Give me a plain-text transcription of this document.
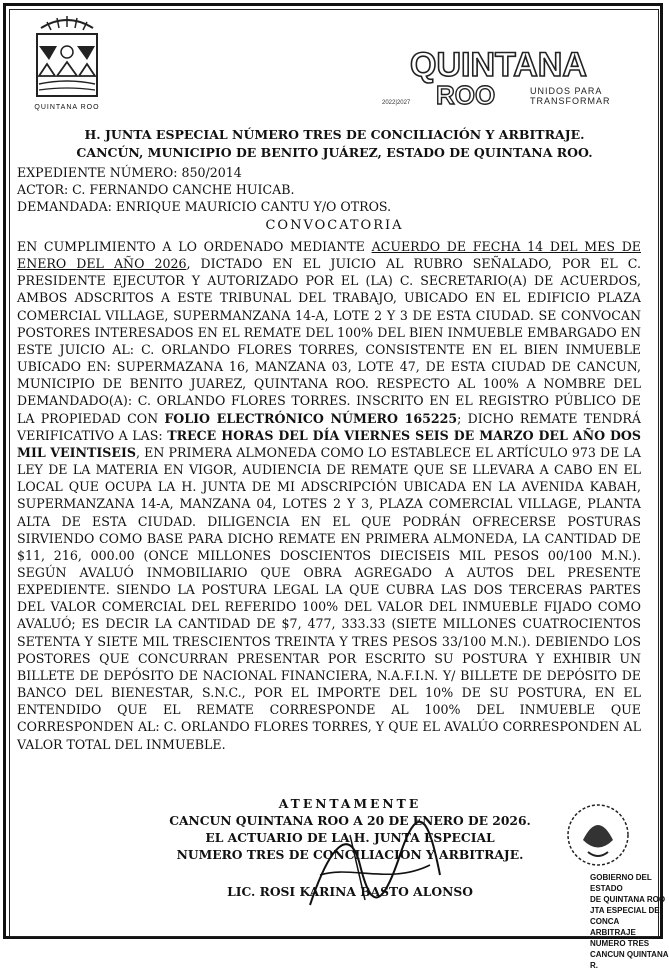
QUINTANA ROO
QUINTANA
ROO	UNIDOS PARA
TRANSFORMAR
2022|2027
H. JUNTA ESPECIAL NÚMERO TRES DE CONCILIACIÓN Y ARBITRAJE.
CANCÚN, MUNICIPIO DE BENITO JUÁREZ, ESTADO DE QUINTANA ROO.
EXPEDIENTE NÚMERO: 850/2014
ACTOR: C. FERNANDO CANCHE HUICAB.
DEMANDADA: ENRIQUE MAURICIO CANTU Y/O OTROS.
CONVOCATORIA
EN CUMPLIMIENTO A LO ORDENADO MEDIANTE ACUERDO DE FECHA 14 DEL MES DE ENERO DEL AÑO 2026, DICTADO EN EL JUICIO AL RUBRO SEÑALADO, POR EL C. PRESIDENTE EJECUTOR Y AUTORIZADO POR EL (LA) C. SECRETARIO(A) DE ACUERDOS, AMBOS ADSCRITOS A ESTE TRIBUNAL DEL TRABAJO, UBICADO EN EL EDIFICIO PLAZA COMERCIAL VILLAGE, SUPERMANZANA 14-A, LOTE 2 Y 3 DE ESTA CIUDAD. SE CONVOCAN POSTORES INTERESADOS EN EL REMATE DEL 100% DEL BIEN INMUEBLE EMBARGADO EN ESTE JUICIO AL: C. ORLANDO FLORES TORRES, CONSISTENTE EN EL BIEN INMUEBLE UBICADO EN: SUPERMAZANA 16, MANZANA 03, LOTE 47, DE ESTA CIUDAD DE CANCUN, MUNICIPIO DE BENITO JUAREZ, QUINTANA ROO. RESPECTO AL 100% A NOMBRE DEL DEMANDADO(A): C. ORLANDO FLORES TORRES. INSCRITO EN EL REGISTRO PÚBLICO DE LA PROPIEDAD CON FOLIO ELECTRÓNICO NÚMERO 165225; DICHO REMATE TENDRÁ VERIFICATIVO A LAS: TRECE HORAS DEL DÍA VIERNES SEIS DE MARZO DEL AÑO DOS MIL VEINTISEIS, EN PRIMERA ALMONEDA COMO LO ESTABLECE EL ARTÍCULO 973 DE LA LEY DE LA MATERIA EN VIGOR, AUDIENCIA DE REMATE QUE SE LLEVARA A CABO EN EL LOCAL QUE OCUPA LA H. JUNTA DE MI ADSCRIPCIÓN UBICADA EN LA AVENIDA KABAH, SUPERMANZANA 14-A, MANZANA 04, LOTES 2 Y 3, PLAZA COMERCIAL VILLAGE, PLANTA ALTA DE ESTA CIUDAD. DILIGENCIA EN EL QUE PODRÁN OFRECERSE POSTURAS SIRVIENDO COMO BASE PARA DICHO REMATE EN PRIMERA ALMONEDA, LA CANTIDAD DE $11, 216, 000.00 (ONCE MILLONES DOSCIENTOS DIECISEIS MIL PESOS 00/100 M.N.). SEGÚN AVALUÓ INMOBILIARIO QUE OBRA AGREGADO A AUTOS DEL PRESENTE EXPEDIENTE. SIENDO LA POSTURA LEGAL LA QUE CUBRA LAS DOS TERCERAS PARTES DEL VALOR COMERCIAL DEL REFERIDO 100% DEL VALOR DEL INMUEBLE FIJADO COMO AVALUÓ; ES DECIR LA CANTIDAD DE $7, 477, 333.33 (SIETE MILLONES CUATROCIENTOS SETENTA Y SIETE MIL TRESCIENTOS TREINTA Y TRES PESOS 33/100 M.N.). DEBIENDO LOS POSTORES QUE CONCURRAN PRESENTAR POR ESCRITO SU POSTURA Y EXHIBIR UN BILLETE DE DEPÓSITO DE NACIONAL FINANCIERA, N.A.F.I.N. Y/ BILLETE DE DEPÓSITO DE BANCO DEL BIENESTAR, S.N.C., POR EL IMPORTE DEL 10% DE SU POSTURA, EN EL ENTENDIDO QUE EL REMATE CORRESPONDE AL 100% DEL INMUEBLE QUE CORRESPONDEN AL: C. ORLANDO FLORES TORRES, Y QUE EL AVALÚO CORRESPONDEN AL VALOR TOTAL DEL INMUEBLE.
ATENTAMENTE
CANCUN QUINTANA ROO A 20 DE ENERO DE 2026.
EL ACTUARIO DE LA H. JUNTA ESPECIAL
NUMERO TRES DE CONCILIACION Y ARBITRAJE.
LIC. ROSI KARINA BASTO ALONSO
GOBIERNO DEL ESTADO
DE QUINTANA ROO
JTA ESPECIAL DE CONCA
ARBITRAJE NUMERO TRES
CANCUN QUINTANA R.
